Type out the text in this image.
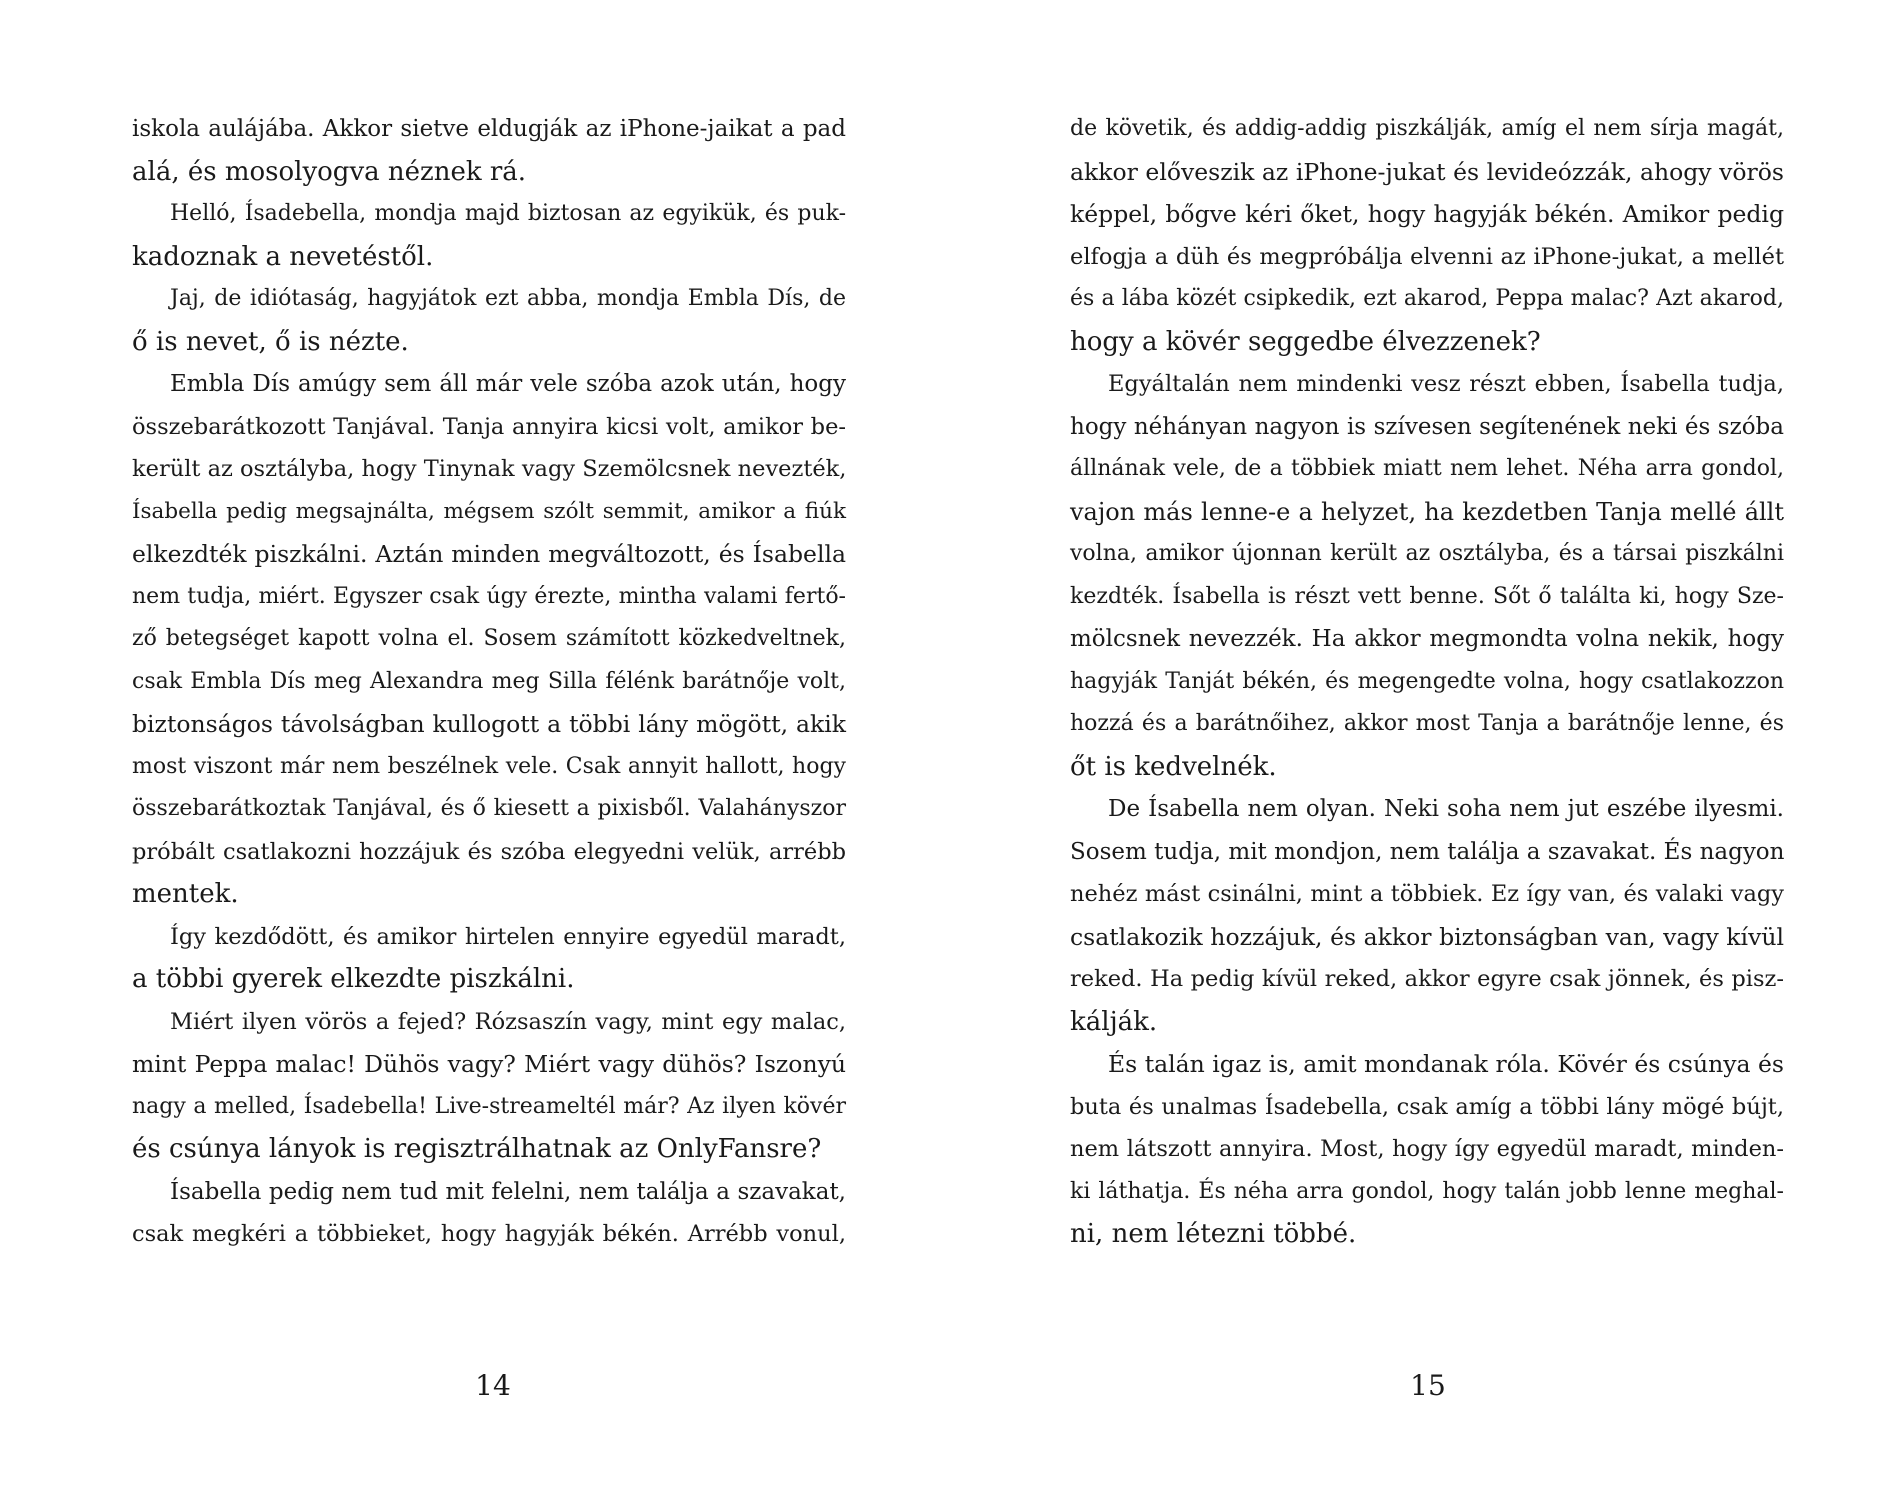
iskola aulájába. Akkor sietve eldugják az iPhone-jaikat a pad
alá, és mosolyogva néznek rá.
Helló, Ísadebella, mondja majd biztosan az egyikük, és puk-
kadoznak a nevetéstől.
Jaj, de idiótaság, hagyjátok ezt abba, mondja Embla Dís, de
ő is nevet, ő is nézte.
Embla Dís amúgy sem áll már vele szóba azok után, hogy
összebarátkozott Tanjával. Tanja annyira kicsi volt, amikor be-
került az osztályba, hogy Tinynak vagy Szemölcsnek nevezték,
Ísabella pedig megsajnálta, mégsem szólt semmit, amikor a fiúk
elkezdték piszkálni. Aztán minden megváltozott, és Ísabella
nem tudja, miért. Egyszer csak úgy érezte, mintha valami fertő-
ző betegséget kapott volna el. Sosem számított közkedveltnek,
csak Embla Dís meg Alexandra meg Silla félénk barátnője volt,
biztonságos távolságban kullogott a többi lány mögött, akik
most viszont már nem beszélnek vele. Csak annyit hallott, hogy
összebarátkoztak Tanjával, és ő kiesett a pixisből. Valahányszor
próbált csatlakozni hozzájuk és szóba elegyedni velük, arrébb
mentek.
Így kezdődött, és amikor hirtelen ennyire egyedül maradt,
a többi gyerek elkezdte piszkálni.
Miért ilyen vörös a fejed? Rózsaszín vagy, mint egy malac,
mint Peppa malac! Dühös vagy? Miért vagy dühös? Iszonyú
nagy a melled, Ísadebella! Live-streameltél már? Az ilyen kövér
és csúnya lányok is regisztrálhatnak az OnlyFansre?
Ísabella pedig nem tud mit felelni, nem találja a szavakat,
csak megkéri a többieket, hogy hagyják békén. Arrébb vonul,
14
de követik, és addig-addig piszkálják, amíg el nem sírja magát,
akkor előveszik az iPhone-jukat és levideózzák, ahogy vörös
képpel, bőgve kéri őket, hogy hagyják békén. Amikor pedig
elfogja a düh és megpróbálja elvenni az iPhone-jukat, a mellét
és a lába közét csipkedik, ezt akarod, Peppa malac? Azt akarod,
hogy a kövér seggedbe élvezzenek?
Egyáltalán nem mindenki vesz részt ebben, Ísabella tudja,
hogy néhányan nagyon is szívesen segítenének neki és szóba
állnának vele, de a többiek miatt nem lehet. Néha arra gondol,
vajon más lenne-e a helyzet, ha kezdetben Tanja mellé állt
volna, amikor újonnan került az osztályba, és a társai piszkálni
kezdték. Ísabella is részt vett benne. Sőt ő találta ki, hogy Sze-
mölcsnek nevezzék. Ha akkor megmondta volna nekik, hogy
hagyják Tanját békén, és megengedte volna, hogy csatlakozzon
hozzá és a barátnőihez, akkor most Tanja a barátnője lenne, és
őt is kedvelnék.
De Ísabella nem olyan. Neki soha nem jut eszébe ilyesmi.
Sosem tudja, mit mondjon, nem találja a szavakat. És nagyon
nehéz mást csinálni, mint a többiek. Ez így van, és valaki vagy
csatlakozik hozzájuk, és akkor biztonságban van, vagy kívül
reked. Ha pedig kívül reked, akkor egyre csak jönnek, és pisz-
kálják.
És talán igaz is, amit mondanak róla. Kövér és csúnya és
buta és unalmas Ísadebella, csak amíg a többi lány mögé bújt,
nem látszott annyira. Most, hogy így egyedül maradt, minden-
ki láthatja. És néha arra gondol, hogy talán jobb lenne meghal-
ni, nem létezni többé.
15
